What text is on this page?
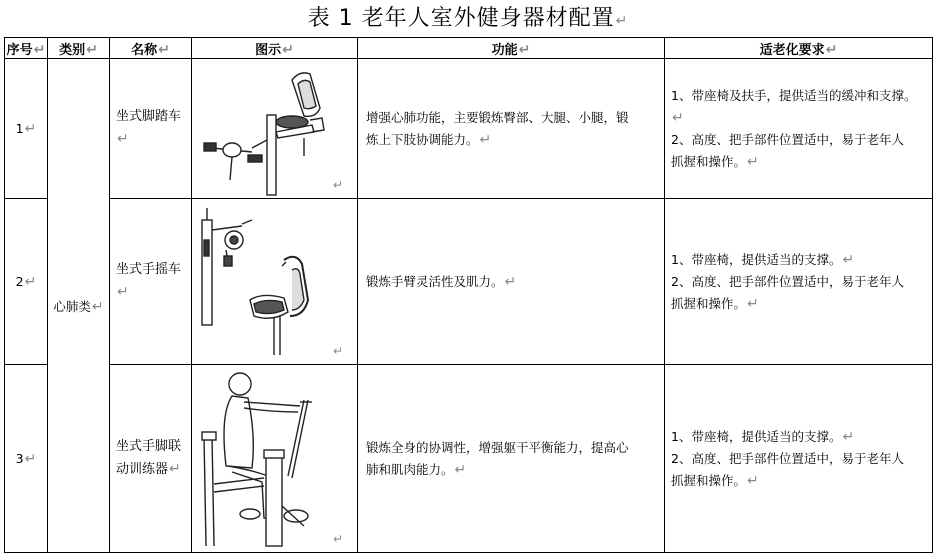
表 1 老年人室外健身器材配置↵
序号↵	类别↵	名称↵	图示↵	功能↵	适老化要求↵
1↵	心肺类↵	坐式脚踏车↵	↵	增强心肺功能，主要锻炼臀部、大腿、小腿，锻
炼上下肢协调能力。↵	1、带座椅及扶手，提供适当的缓冲和支撑。↵
2、高度、把手部件位置适中，易于老年人
抓握和操作。↵

2↵		坐式手摇车↵	↵	锻炼手臂灵活性及肌力。↵	1、带座椅，提供适当的支撑。↵
2、高度、把手部件位置适中，易于老年人
抓握和操作。↵

3↵		坐式手脚联
动训练器↵	↵	锻炼全身的协调性，增强躯干平衡能力，提高心
肺和肌肉能力。↵	1、带座椅，提供适当的支撑。↵
2、高度、把手部件位置适中，易于老年人
抓握和操作。↵
